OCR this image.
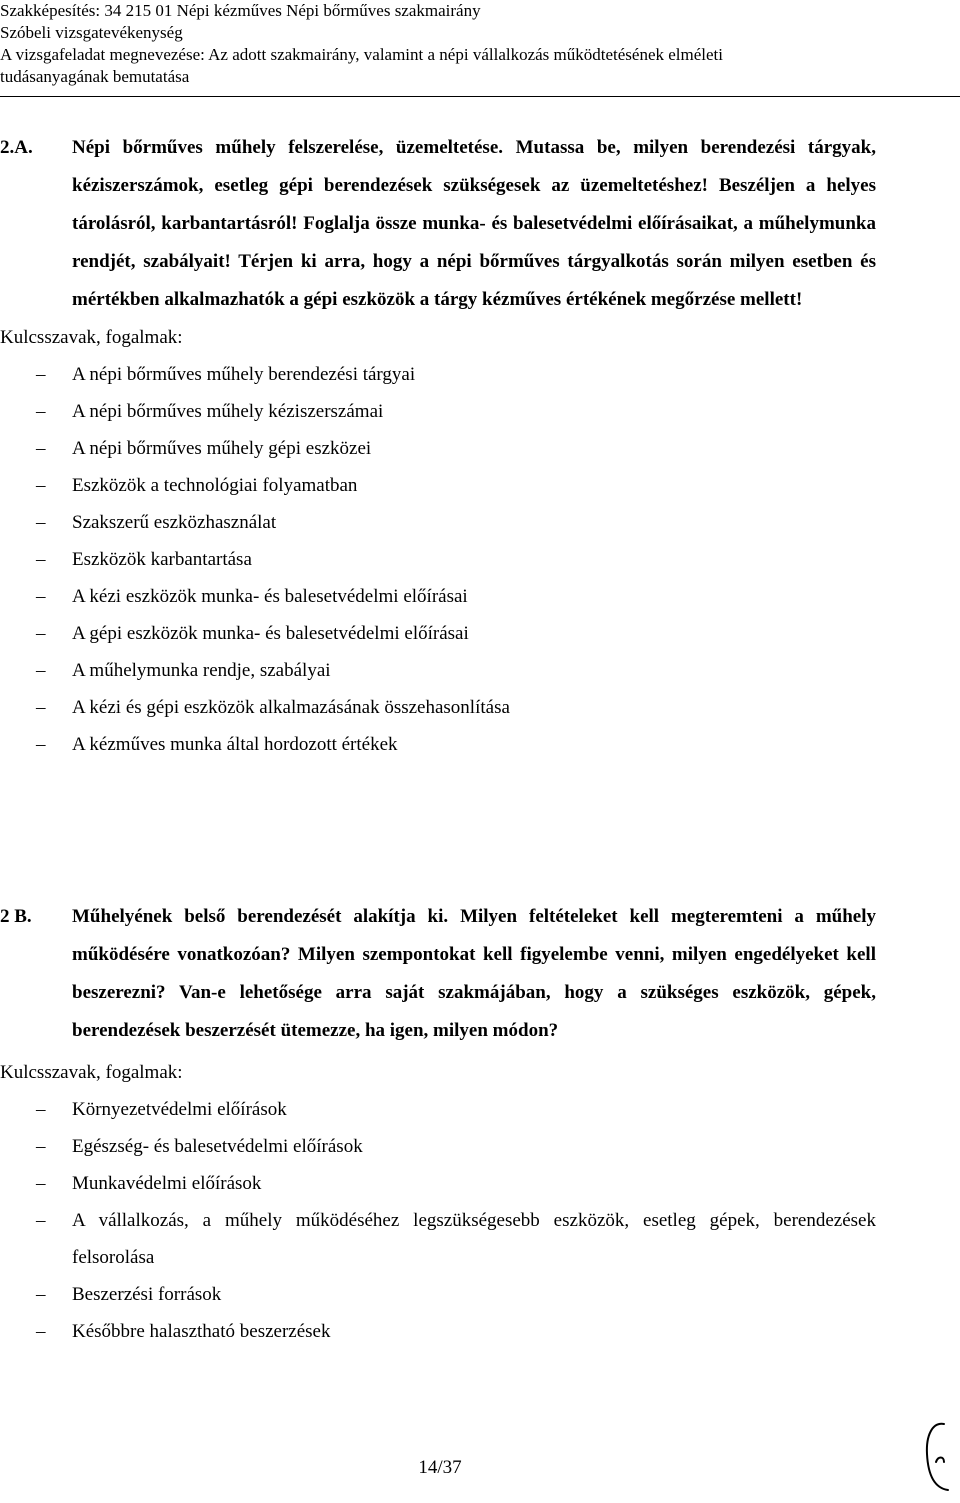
Szakképesítés: 34 215 01 Népi kézműves Népi bőrműves szakmairány
Szóbeli vizsgatevékenység
A vizsgafeladat megnevezése: Az adott szakmairány, valamint a népi vállalkozás működtetésének elméleti
tudásanyagának bemutatása
2.A. Népi bőrműves műhely felszerelése, üzemeltetése. Mutassa be, milyen berendezési tárgyak, kéziszerszámok, esetleg gépi berendezések szükségesek az üzemeltetéshez! Beszéljen a helyes tárolásról, karbantartásról! Foglalja össze munka- és balesetvédelmi előírásaikat, a műhelymunka rendjét, szabályait! Térjen ki arra, hogy a népi bőrműves tárgyalkotás során milyen esetben és mértékben alkalmazhatók a gépi eszközök a tárgy kézműves értékének megőrzése mellett!
Kulcsszavak, fogalmak:
– A népi bőrműves műhely berendezési tárgyai
– A népi bőrműves műhely kéziszerszámai
– A népi bőrműves műhely gépi eszközei
– Eszközök a technológiai folyamatban
– Szakszerű eszközhasználat
– Eszközök karbantartása
– A kézi eszközök munka- és balesetvédelmi előírásai
– A gépi eszközök munka- és balesetvédelmi előírásai
– A műhelymunka rendje, szabályai
– A kézi és gépi eszközök alkalmazásának összehasonlítása
– A kézműves munka által hordozott értékek
2 B. Műhelyének belső berendezését alakítja ki. Milyen feltételeket kell megteremteni a műhely működésére vonatkozóan? Milyen szempontokat kell figyelembe venni, milyen engedélyeket kell beszerezni? Van-e lehetősége arra saját szakmájában, hogy a szükséges eszközök, gépek, berendezések beszerzését ütemezze, ha igen, milyen módon?
Kulcsszavak, fogalmak:
– Környezetvédelmi előírások
– Egészség- és balesetvédelmi előírások
– Munkavédelmi előírások
– A vállalkozás, a műhely működéséhez legszükségesebb eszközök, esetleg gépek, berendezések felsorolása
– Beszerzési források
– Későbbre halasztható beszerzések
14/37
